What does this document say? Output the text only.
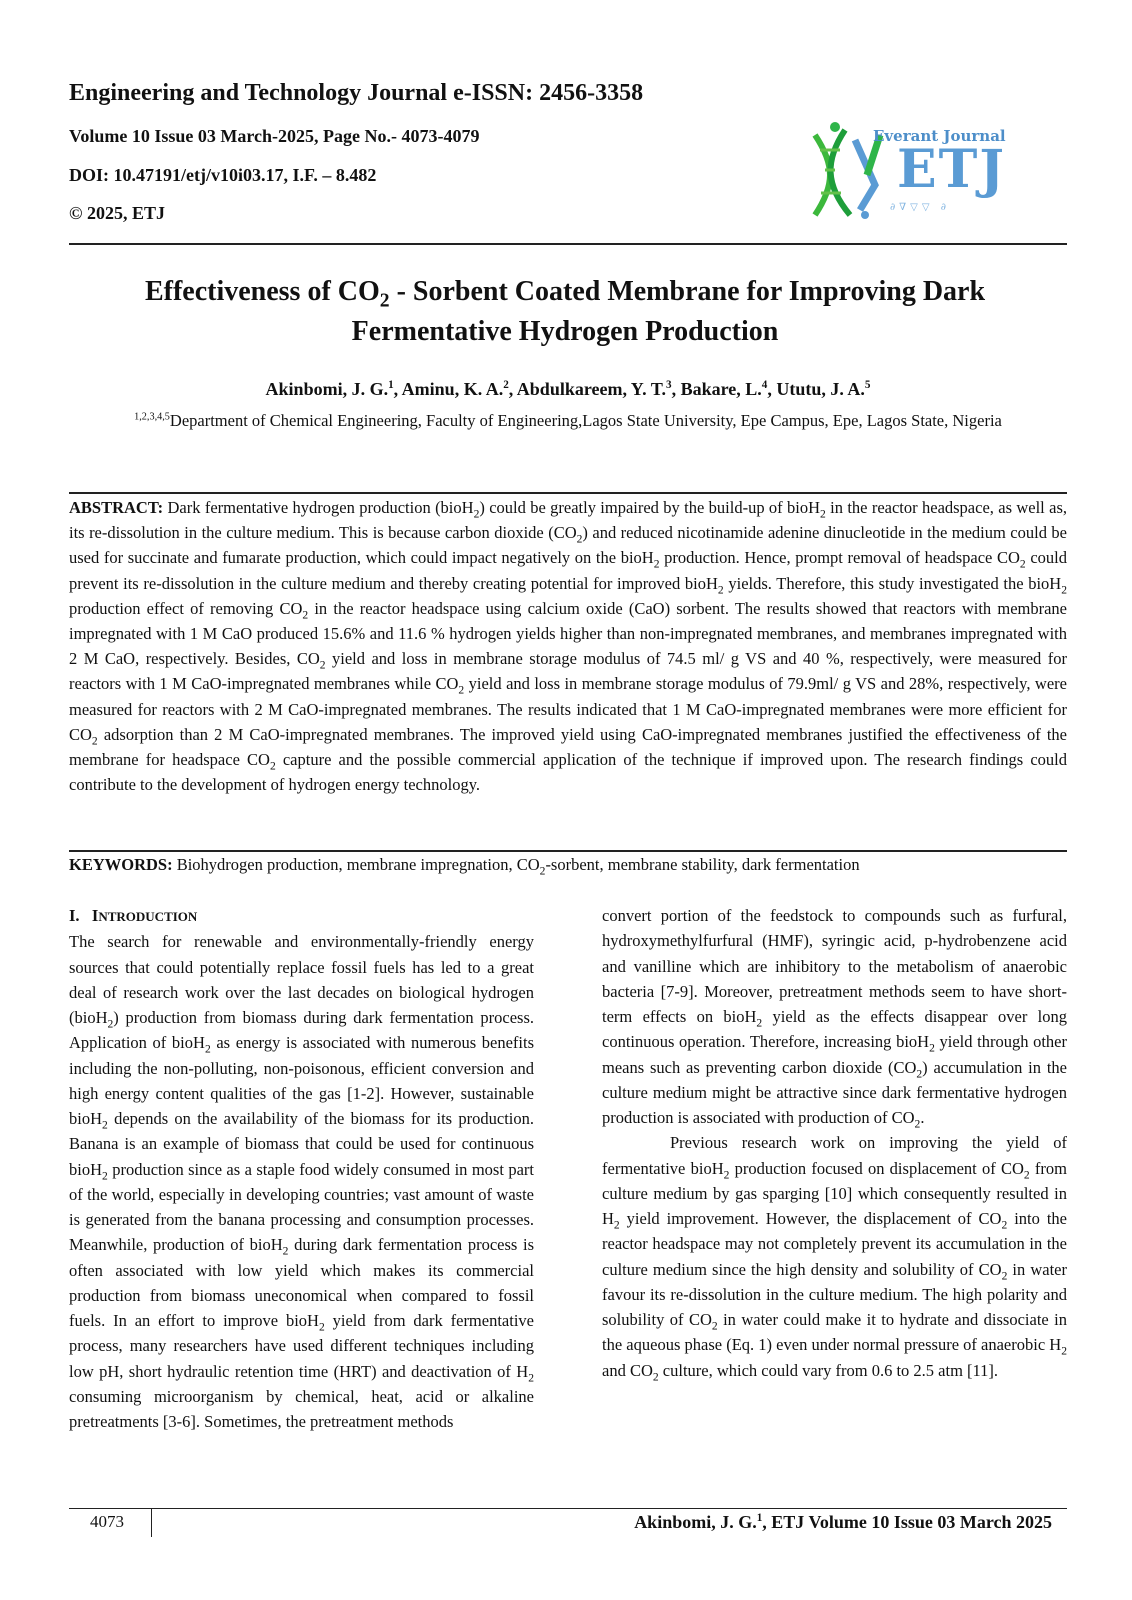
Engineering and Technology Journal e-ISSN: 2456-3358

Volume 10 Issue 03 March-2025, Page No.- 4073-4079

DOI: 10.47191/etj/v10i03.17, I.F. – 8.482

© 2025, ETJ	∂∇▽▽ ∂
Everant Journal
ETJ
Effectiveness of $CO_2$ - Sorbent Coated Membrane for Improving Dark
Fermentative Hydrogen Production

Akinbomi, J. G.$^1$, Aminu, K. A.$^2$, Abdulkareem, Y. T.$^3$, Bakare, L.$^4$, Ututu, J. A.$^5$

$^{1,2,3,4,5}$Department of Chemical Engineering, Faculty of Engineering,Lagos State University, Epe Campus, Epe, Lagos State, Nigeria

ABSTRACT: Dark fermentative hydrogen production (bioH$_2$) could be greatly impaired by the build-up of bioH$_2$ in the reactor headspace, as well as, its re-dissolution in the culture medium. This is because carbon dioxide $(CO_2)$ and reduced nicotinamide adenine dinucleotide in the medium could be used for succinate and fumarate production, which could impact negatively on the bioH$_2$ production. Hence, prompt removal of headspace $CO_2$ could prevent its re-dissolution in the culture medium and thereby creating potential for improved bioH$_2$ yields. Therefore, this study investigated the bioH$_2$ production effect of removing $CO_2$ in the reactor headspace using calcium oxide (CaO) sorbent. The results showed that reactors with membrane impregnated with 1 M CaO produced 15.6% and 11.6 % hydrogen yields higher than non-impregnated membranes, and membranes impregnated with 2 M CaO, respectively. Besides, $CO_2$ yield and loss in membrane storage modulus of 74.5 ml/ g VS and 40 %, respectively, were measured for reactors with 1 M CaO-impregnated membranes while $CO_2$ yield and loss in membrane storage modulus of 79.9ml/ g VS and 28%, respectively, were measured for reactors with 2 M CaO-impregnated membranes. The results indicated that 1 M CaO-impregnated membranes were more efficient for $CO_2$ adsorption than 2 M CaO-impregnated membranes. The improved yield using CaO-impregnated membranes justified the effectiveness of the membrane for headspace $CO_2$ capture and the possible commercial application of the technique if improved upon. The research findings could contribute to the development of hydrogen energy technology.

KEYWORDS: Biohydrogen production, membrane impregnation, $CO_2$-sorbent, membrane stability, dark fermentation

I. INTRODUCTION

The search for renewable and environmentally-friendly energy sources that could potentially replace fossil fuels has led to a great deal of research work over the last decades on biological hydrogen (bioH$_2$) production from biomass during dark fermentation process. Application of bioH$_2$ as energy is associated with numerous benefits including the non-polluting, non-poisonous, efficient conversion and high energy content qualities of the gas [1-2]. However, sustainable bioH$_2$ depends on the availability of the biomass for its production. Banana is an example of biomass that could be used for continuous bioH$_2$ production since as a staple food widely consumed in most part of the world, especially in developing countries; vast amount of waste is generated from the banana processing and consumption processes. Meanwhile, production of bioH$_2$ during dark fermentation process is often associated with low yield which makes its commercial production from biomass uneconomical when compared to fossil fuels. In an effort to improve bioH$_2$ yield from dark fermentative process, many researchers have used different techniques including low pH, short hydraulic retention time (HRT) and deactivation of $H_2$ consuming microorganism by chemical, heat, acid or alkaline pretreatments [3-6]. Sometimes, the pretreatment methods

convert portion of the feedstock to compounds such as furfural, hydroxymethylfurfural (HMF), syringic acid, p-hydrobenzene acid and vanilline which are inhibitory to the metabolism of anaerobic bacteria [7-9]. Moreover, pretreatment methods seem to have short-term effects on bioH$_2$ yield as the effects disappear over long continuous operation. Therefore, increasing bioH$_2$ yield through other means such as preventing carbon dioxide $(CO_2)$ accumulation in the culture medium might be attractive since dark fermentative hydrogen production is associated with production of $CO_2$.

Previous research work on improving the yield of fermentative bioH$_2$ production focused on displacement of $CO_2$ from culture medium by gas sparging [10] which consequently resulted in $H_2$ yield improvement. However, the displacement of $CO_2$ into the reactor headspace may not completely prevent its accumulation in the culture medium since the high density and solubility of $CO_2$ in water favour its re-dissolution in the culture medium. The high polarity and solubility of $CO_2$ in water could make it to hydrate and dissociate in the aqueous phase (Eq. 1) even under normal pressure of anaerobic $H_2$ and $CO_2$ culture, which could vary from 0.6 to 2.5 atm [11].

4073	Akinbomi, J. G.$^1$, ETJ Volume 10 Issue 03 March 2025
